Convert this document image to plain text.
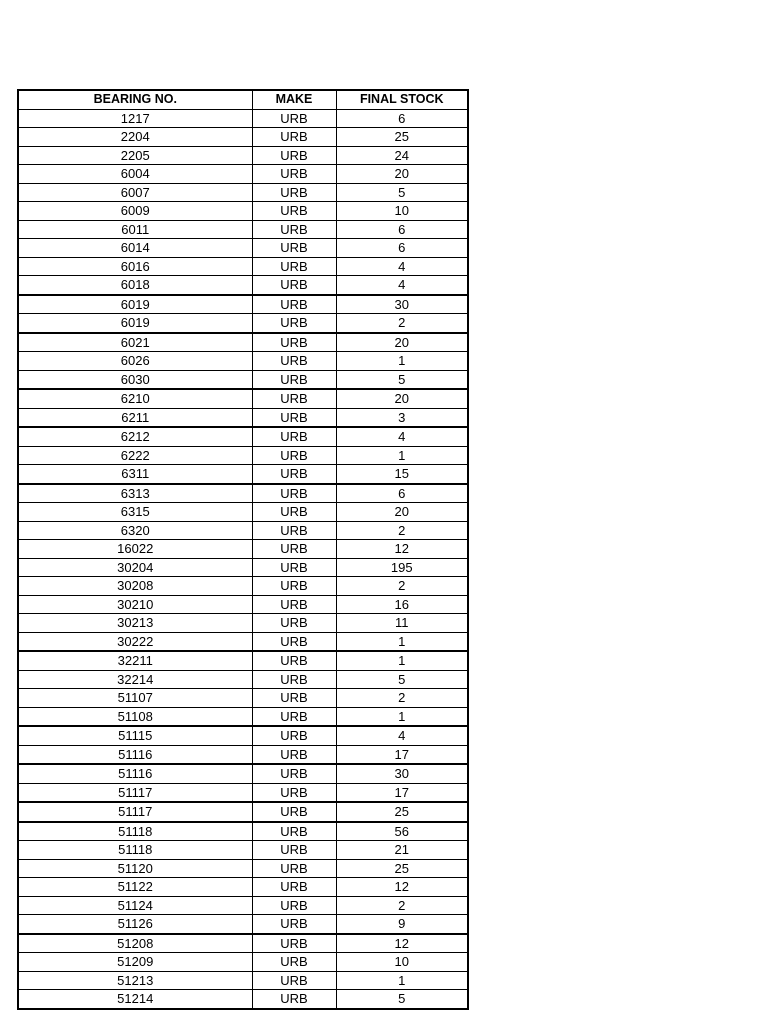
BEARING NO.	MAKE	FINAL STOCK
1217	URB	6
2204	URB	25
2205	URB	24
6004	URB	20
6007	URB	5
6009	URB	10
6011	URB	6
6014	URB	6
6016	URB	4
6018	URB	4
6019	URB	30
6019	URB	2
6021	URB	20
6026	URB	1
6030	URB	5
6210	URB	20
6211	URB	3
6212	URB	4
6222	URB	1
6311	URB	15
6313	URB	6
6315	URB	20
6320	URB	2
16022	URB	12
30204	URB	195
30208	URB	2
30210	URB	16
30213	URB	11
30222	URB	1
32211	URB	1
32214	URB	5
51107	URB	2
51108	URB	1
51115	URB	4
51116	URB	17
51116	URB	30
51117	URB	17
51117	URB	25
51118	URB	56
51118	URB	21
51120	URB	25
51122	URB	12
51124	URB	2
51126	URB	9
51208	URB	12
51209	URB	10
51213	URB	1
51214	URB	5
